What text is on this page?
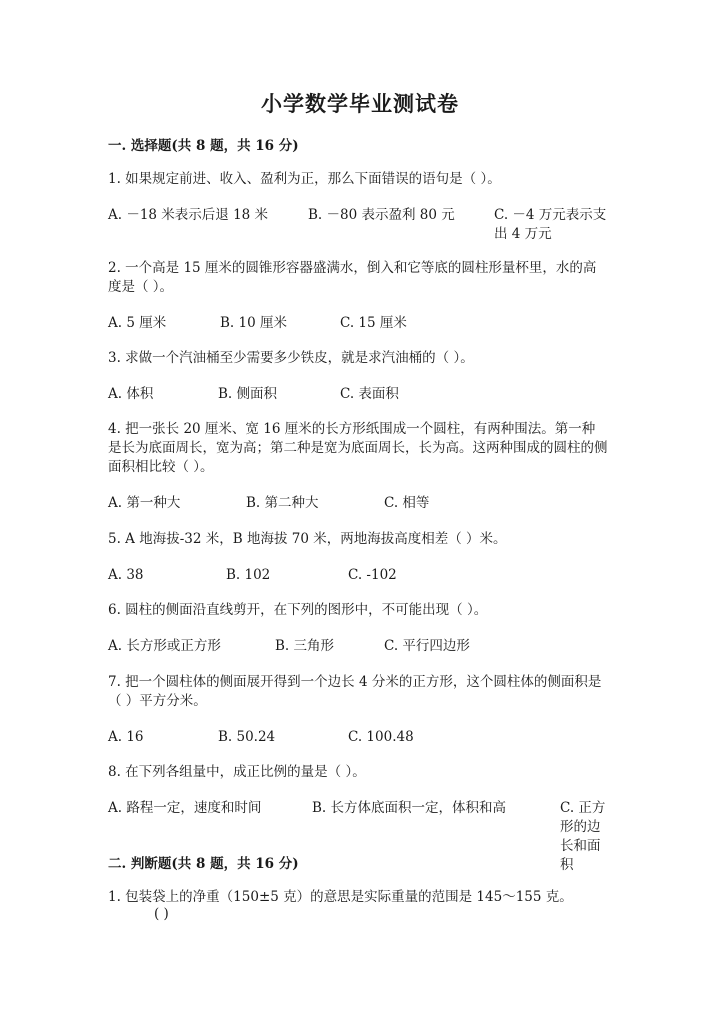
小学数学毕业测试卷
一. 选择题(共 8 题，共 16 分)
1. 如果规定前进、收入、盈利为正，那么下面错误的语句是（ ）。
A. －18 米表示后退 18 米	B. －80 表示盈利 80 元	C. －4 万元表示支出 4 万元
2. 一个高是 15 厘米的圆锥形容器盛满水，倒入和它等底的圆柱形量杯里，水的高度是（ ）。
A. 5 厘米	B. 10 厘米	C. 15 厘米
3. 求做一个汽油桶至少需要多少铁皮，就是求汽油桶的（ ）。
A. 体积	B. 侧面积	C. 表面积
4. 把一张长 20 厘米、宽 16 厘米的长方形纸围成一个圆柱，有两种围法。第一种是长为底面周长，宽为高；第二种是宽为底面周长，长为高。这两种围成的圆柱的侧面积相比较（ ）。
A. 第一种大	B. 第二种大	C. 相等
5. A 地海拔-32 米，B 地海拔 70 米，两地海拔高度相差（ ）米。
A. 38	B. 102	C. -102
6. 圆柱的侧面沿直线剪开，在下列的图形中，不可能出现（ ）。
A. 长方形或正方形	B. 三角形	C. 平行四边形
7. 把一个圆柱体的侧面展开得到一个边长 4 分米的正方形，这个圆柱体的侧面积是（ ）平方分米。
A. 16	B. 50.24	C. 100.48
8. 在下列各组量中，成正比例的量是（ ）。
A. 路程一定，速度和时间	B. 长方体底面积一定，体积和高	C. 正方形的边长和面积
二. 判断题(共 8 题，共 16 分)
1. 包装袋上的净重（150±5 克）的意思是实际重量的范围是 145～155 克。
( )
